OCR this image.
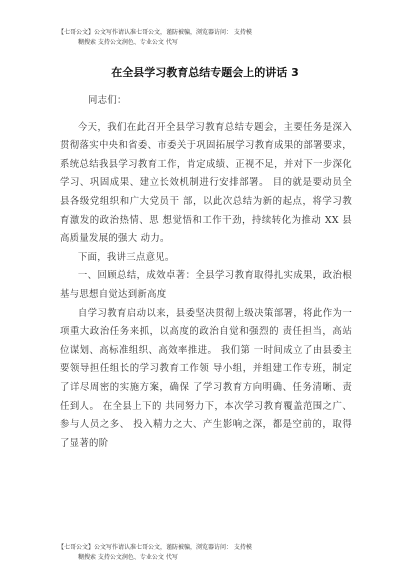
【七哥公文】公文写作请认准七哥公文，谨防被骗，浏览器访问： 支持模
糊搜索 支持公文润色、专业公文 代写
在全县学习教育总结专题会上的讲话 3

同志们：

今天，我们在此召开全县学习教育总结专题会，主要任务是深入贯彻落实中央和省委、市委关于巩固拓展学习教育成果的部署要求，系统总结我县学习教育工作，肯定成绩、正视不足，并对下一步深化学习、巩固成果、建立长效机制进行安排部署。 目的就是要动员全县各级党组织和广大党员干 部，以此次总结为新的起点，将学习教育激发的政治热情、思 想觉悟和工作干劲，持续转化为推动 XX 县高质量发展的强大 动力。

下面，我讲三点意见。

一、回顾总结，成效卓著：全县学习教育取得扎实成果，政治根基与思想自觉达到新高度

自学习教育启动以来，县委坚决贯彻上级决策部署，将此作为一项重大政治任务来抓，以高度的政治自觉和强烈的 责任担当，高站位谋划、高标准组织、高效率推进。 我们第 一时间成立了由县委主要领导担任组长的学习教育工作领 导小组，并组建工作专班，制定了详尽周密的实施方案，确保 了学习教育方向明确、任务清晰、责任到人。 在全县上下的 共同努力下，本次学习教育覆盖范围之广、参与人员之多、 投入精力之大、产生影响之深，都是空前的，取得了显著的阶

【七哥公文】公文写作请认准七哥公文，谨防被骗，浏览器访问： 支持模
糊搜索 支持公文润色、专业公文 代写
